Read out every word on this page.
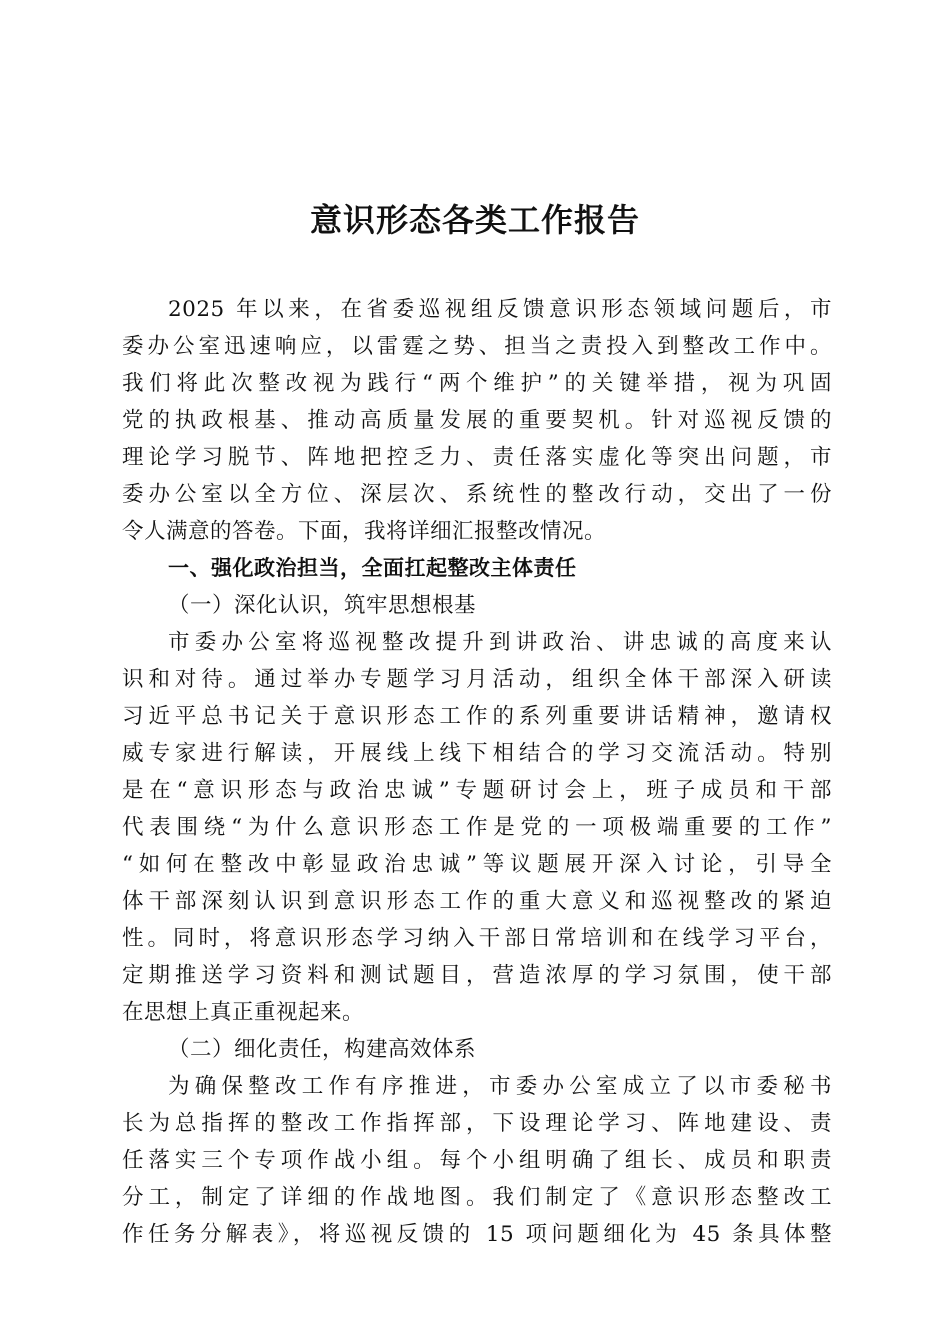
意识形态各类工作报告
2025 年以来，在省委巡视组反馈意识形态领域问题后，市
委办公室迅速响应，以雷霆之势、担当之责投入到整改工作中。
我们将此次整改视为践行“两个维护”的关键举措，视为巩固
党的执政根基、推动高质量发展的重要契机。针对巡视反馈的
理论学习脱节、阵地把控乏力、责任落实虚化等突出问题，市
委办公室以全方位、深层次、系统性的整改行动，交出了一份
令人满意的答卷。下面，我将详细汇报整改情况。
一、强化政治担当，全面扛起整改主体责任
（一）深化认识，筑牢思想根基
市委办公室将巡视整改提升到讲政治、讲忠诚的高度来认
识和对待。通过举办专题学习月活动，组织全体干部深入研读
习近平总书记关于意识形态工作的系列重要讲话精神，邀请权
威专家进行解读，开展线上线下相结合的学习交流活动。特别
是在“意识形态与政治忠诚”专题研讨会上，班子成员和干部
代表围绕“为什么意识形态工作是党的一项极端重要的工作”
“如何在整改中彰显政治忠诚”等议题展开深入讨论，引导全
体干部深刻认识到意识形态工作的重大意义和巡视整改的紧迫
性。同时，将意识形态学习纳入干部日常培训和在线学习平台，
定期推送学习资料和测试题目，营造浓厚的学习氛围，使干部
在思想上真正重视起来。
（二）细化责任，构建高效体系
为确保整改工作有序推进，市委办公室成立了以市委秘书
长为总指挥的整改工作指挥部，下设理论学习、阵地建设、责
任落实三个专项作战小组。每个小组明确了组长、成员和职责
分工，制定了详细的作战地图。我们制定了《意识形态整改工
作任务分解表》，将巡视反馈的 15 项问题细化为 45 条具体整
